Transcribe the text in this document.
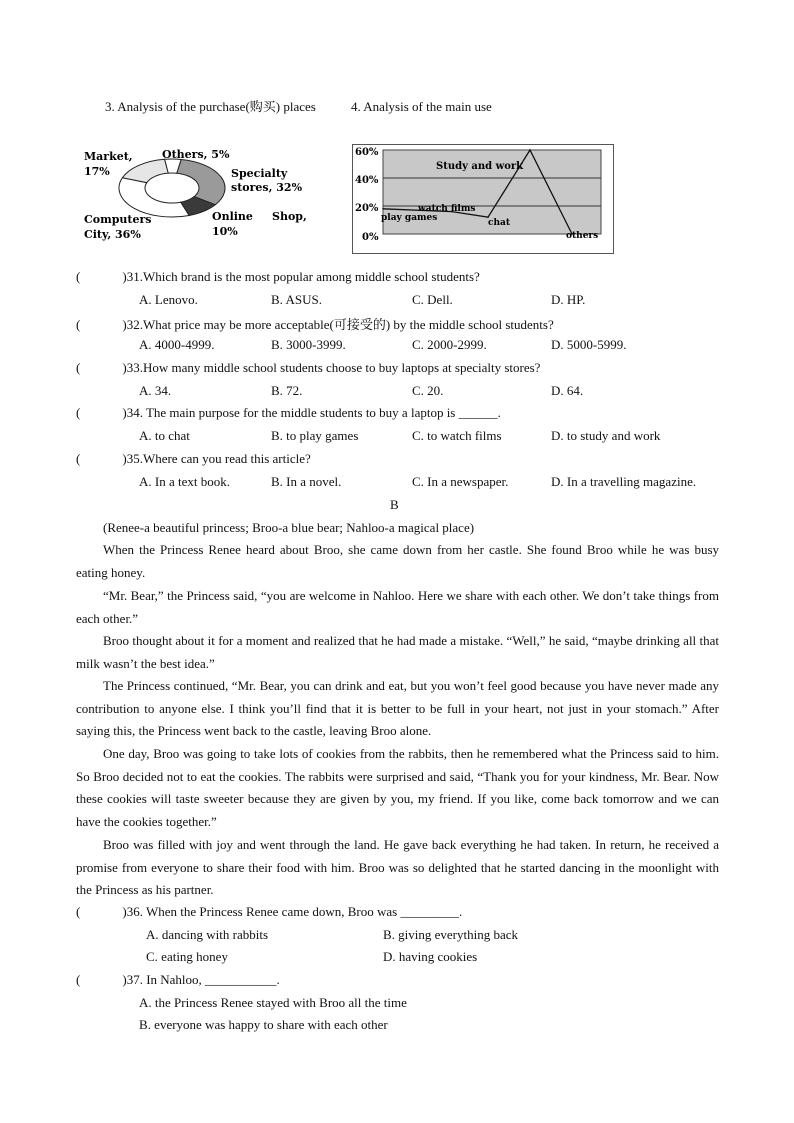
3. Analysis of the purchase(购买) places	4. Analysis of the main use
Market,
17%
Others, 5%
Specialty
stores, 32%
Online Shop,
10%
Computers
City, 36%
60%
40%
20%
0%
Study and work
watch films
play games	chat
others
(	)31.Which brand is the most popular among middle school students?
A. Lenovo.	B. ASUS.	C. Dell.	D. HP.
(	)32.What price may be more acceptable(可接受的) by the middle school students?
A. 4000-4999.	B. 3000-3999.	C. 2000-2999.	D. 5000-5999.
(	)33.How many middle school students choose to buy laptops at specialty stores?
A. 34.	B. 72.	C. 20.	D. 64.
(	)34. The main purpose for the middle students to buy a laptop is ______.
A. to chat	B. to play games	C. to watch films	D. to study and work
(	)35.Where can you read this article?
A. In a text book.	B. In a novel.	C. In a newspaper.	D. In a travelling magazine.
B
(Renee-a beautiful princess; Broo-a blue bear; Nahloo-a magical place)
When the Princess Renee heard about Broo, she came down from her castle. She found Broo while he was busy eating honey.
“Mr. Bear,” the Princess said, “you are welcome in Nahloo. Here we share with each other. We don’t take things from each other.”
Broo thought about it for a moment and realized that he had made a mistake. “Well,” he said, “maybe drinking all that milk wasn’t the best idea.”
The Princess continued, “Mr. Bear, you can drink and eat, but you won’t feel good because you have never made any contribution to anyone else. I think you’ll find that it is better to be full in your heart, not just in your stomach.” After saying this, the Princess went back to the castle, leaving Broo alone.
One day, Broo was going to take lots of cookies from the rabbits, then he remembered what the Princess said to him. So Broo decided not to eat the cookies. The rabbits were surprised and said, “Thank you for your kindness, Mr. Bear. Now these cookies will taste sweeter because they are given by you, my friend. If you like, come back tomorrow and we can have the cookies together.”
Broo was filled with joy and went through the land. He gave back everything he had taken. In return, he received a promise from everyone to share their food with him. Broo was so delighted that he started dancing in the moonlight with the Princess as his partner.
(	)36. When the Princess Renee came down, Broo was _________.
A. dancing with rabbits	B. giving everything back
C. eating honey	D. having cookies
(	)37. In Nahloo, ___________.
A. the Princess Renee stayed with Broo all the time
B. everyone was happy to share with each other
